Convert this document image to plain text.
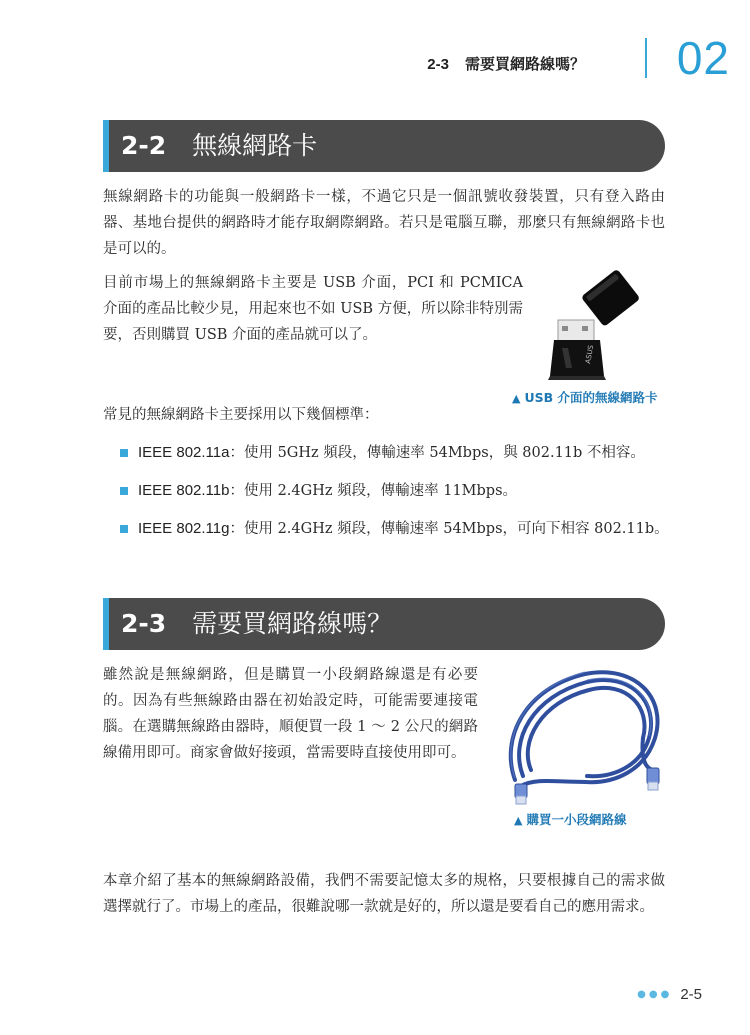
2-3 需要買網路線嗎？ 02
2-2 無線網路卡

無線網路卡的功能與一般網路卡一樣，不過它只是一個訊號收發裝置，只有登入路由器、基地台提供的網路時才能存取網際網路。若只是電腦互聯，那麼只有無線網路卡也是可以的。

目前市場上的無線網路卡主要是 USB 介面，PCI 和 PCMICA 介面的產品比較少見，用起來也不如 USB 方便，所以除非特別需要，否則購買 USB 介面的產品就可以了。

ASUS
▲ USB 介面的無線網路卡

常見的無線網路卡主要採用以下幾個標準：

IEEE 802.11a：使用 5GHz 頻段，傳輸速率 54Mbps，與 802.11b 不相容。
IEEE 802.11b：使用 2.4GHz 頻段，傳輸速率 11Mbps。
IEEE 802.11g：使用 2.4GHz 頻段，傳輸速率 54Mbps，可向下相容 802.11b。
2-3 需要買網路線嗎？

雖然說是無線網路，但是購買一小段網路線還是有必要的。因為有些無線路由器在初始設定時，可能需要連接電腦。在選購無線路由器時，順便買一段 1 ～ 2 公尺的網路線備用即可。商家會做好接頭，當需要時直接使用即可。

▲ 購買一小段網路線

本章介紹了基本的無線網路設備，我們不需要記憶太多的規格，只要根據自己的需求做選擇就行了。市場上的產品，很難說哪一款就是好的，所以還是要看自己的應用需求。

●●● 2-5
